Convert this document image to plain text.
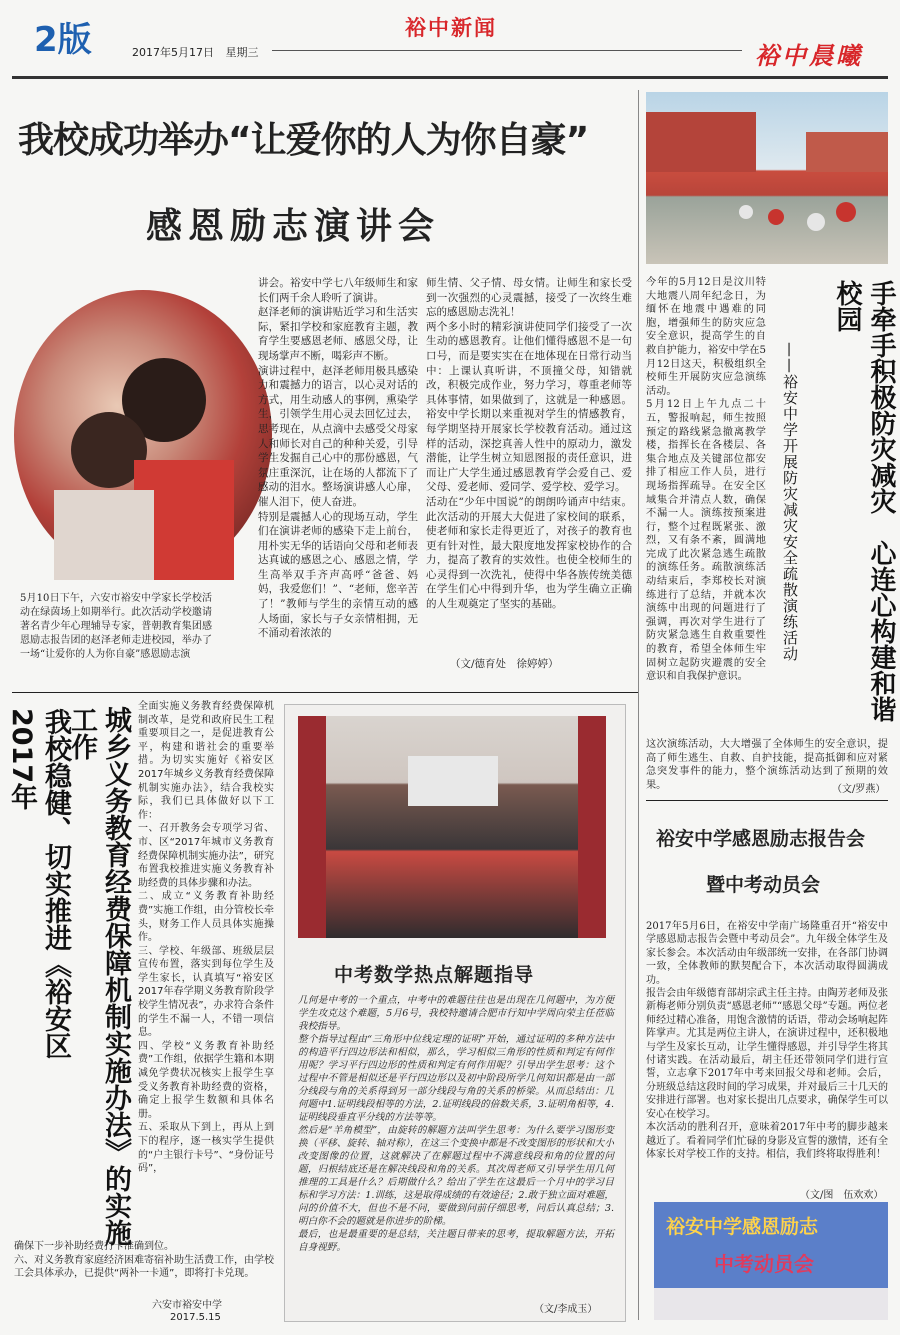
2版	2017年5月17日 星期三
裕中新闻
裕中晨曦
我校成功举办“让爱你的人为你自豪”
感恩励志演讲会
5月10日下午，六安市裕安中学家长学校活动在绿茵场上如期举行。此次活动学校邀请著名青少年心理辅导专家，普朝教育集团感恩励志报告团的赵泽老师走进校园，举办了一场“让爱你的人为你自豪”感恩励志演
讲会。裕安中学七八年级师生和家长们两千余人聆听了演讲。
赵泽老师的演讲贴近学习和生活实际，紧扣学校和家庭教育主题，教育学生要感恩老师、感恩父母，让现场掌声不断，喝彩声不断。
演讲过程中，赵泽老师用极具感染力和震撼力的语言，以心灵对话的方式，用生动感人的事例，熏染学生，引领学生用心灵去回忆过去，思考现在，从点滴中去感受父母家人和师长对自己的种种关爱，引导学生发掘自己心中的那份感恩，气氛庄重深沉，让在场的人都流下了感动的泪水。整场演讲感人心扉，催人泪下，使人奋进。
特别是震撼人心的现场互动，学生们在演讲老师的感染下走上前台，用朴实无华的话语向父母和老师表达真诚的感恩之心、感恩之情，学生高举双手齐声高呼“爸爸、妈妈，我爱您们！”、“老师，您辛苦了！”教师与学生的亲情互动的感人场面，家长与子女亲情相拥，无不涌动着浓浓的
师生情、父子情、母女情。让师生和家长受到一次强烈的心灵震撼，接受了一次终生难忘的感恩励志洗礼！
两个多小时的精彩演讲使同学们接受了一次生动的感恩教育。让他们懂得感恩不是一句口号，而是要实实在在地体现在日常行动当中：上课认真听讲，不顶撞父母，知错就改，积极完成作业，努力学习，尊重老师等具体事情，如果做到了，这就是一种感恩。裕安中学长期以来重视对学生的情感教育，每学期坚持开展家长学校教育活动。通过这样的活动，深挖真善人性中的原动力，激发潜能，让学生树立知恩图报的责任意识，进而让广大学生通过感恩教育学会爱自己、爱父母、爱老师、爱同学、爱学校、爱学习。
活动在“少年中国说”的朗朗吟诵声中结束。此次活动的开展大大促进了家校间的联系，使老师和家长走得更近了，对孩子的教育也更有针对性，最大限度地发挥家校协作的合力，提高了教育的实效性。也使全校师生的心灵得到一次洗礼，使得中华各族传统美德在学生们心中得到升华，也为学生确立正确的人生观奠定了坚实的基础。
（文/德育处　徐婷婷）
今年的5月12日是汶川特大地震八周年纪念日，为缅怀在地震中遇难的同胞，增强师生的防灾应急安全意识，提高学生的自救自护能力，裕安中学在5月12日这天，积极组织全校师生开展防灾应急演练活动。
5月12日上午九点二十五，警报响起，师生按照预定的路线紧急撤离教学楼，指挥长在各楼层、各集合地点及关键部位都安排了相应工作人员，进行现场指挥疏导。在安全区域集合并清点人数，确保不漏一人。演练按预案进行，整个过程既紧张、激烈，又有条不紊，圆满地完成了此次紧急逃生疏散的演练任务。疏散演练活动结束后，李郑校长对演练进行了总结，并就本次演练中出现的问题进行了强调，再次对学生进行了防灾紧急逃生自救重要性的教育，希望全体师生牢固树立起防灾避震的安全意识和自我保护意识。
——裕安中学开展防灾减灾安全疏散演练活动	手牵手积极防灾减灾　心连心构建和谐校园
这次演练活动，大大增强了全体师生的安全意识，提高了师生逃生、自救、自护技能，提高抵御和应对紧急突发事件的能力，整个演练活动达到了预期的效果。	（文/罗燕）
裕安中学感恩励志报告会
暨中考动员会
2017年5月6日，在裕安中学南广场隆重召开“裕安中学感恩励志报告会暨中考动员会”。九年级全体学生及家长参会。本次活动由年级部统一安排，在各部门协调一致，全体教师的默契配合下，本次活动取得圆满成功。
报告会由年级德育部胡宗武主任主持。由陶芳老师及张新梅老师分别负责“感恩老师”“感恩父母”专题。两位老师经过精心准备，用饱含激情的话语，带动会场响起阵阵掌声。尤其是两位主讲人，在演讲过程中，还积极地与学生及家长互动，让学生懂得感恩，并引导学生将其付诸实践。在活动最后，胡主任还带领同学们进行宣誓，立志拿下2017年中考来回报父母和老师。会后，分班级总结这段时间的学习成果，并对最后三十几天的安排进行部署。也对家长提出几点要求，确保学生可以安心在校学习。
本次活动的胜利召开，意味着2017年中考的脚步越来越近了。看着同学们忙碌的身影及宣誓的激情，还有全体家长对学校工作的支持。相信，我们终将取得胜利！
（文/图　伍欢欢）
裕安中学感恩励志
中考动员会
城乡义务教育经费保障机制实施办法》的实施工作
我校稳健、切实推进《裕安区2017年
全面实施义务教育经费保障机制改革，是党和政府民生工程重要项目之一，是促进教育公平，构建和谐社会的重要举措。为切实实施好《裕安区2017年城乡义务教育经费保障机制实施办法》，结合我校实际，我们已具体做好以下工作：
一、召开教务会专项学习省、市、区“2017年城市义务教育经费保障机制实施办法”，研究布置我校推进实施义务教育补助经费的具体步骤和办法。
二、成立“义务教育补助经费”实施工作组，由分管校长牵头，财务工作人员具体实施操作。
三、学校、年级部、班级层层宣传布置，落实到每位学生及学生家长，认真填写“裕安区2017年春学期义务教育阶段学校学生情况表”，办求符合条件的学生不漏一人，不错一项信息。
四、学校“义务教育补助经费”工作组，依据学生籍和本期减免学费状况核实上报学生享受义务教育补助经费的资格，确定上报学生数额和具体名册。
五、采取从下到上，再从上到下的程序，逐一核实学生提供的“户主银行卡号”、“身份证号码”，
确保下一步补助经费打卡准确到位。
六、对义务教育家庭经济困难寄宿补助生活费工作，由学校工会具体承办，已提供“两补一卡通”，即将打卡兑现。
六安市裕安中学
2017.5.15
中考数学热点解题指导
几何是中考的一个重点，中考中的难题往往也是出现在几何题中，为方便学生攻克这个难题，5月6号，我校特邀请合肥市行知中学周向荣主任莅临我校指导。
整个指导过程由“三角形中位线定理的证明”开始，通过证明的多种方法中的构造平行四边形法和相似，那么，学习相似三角形的性质和判定有何作用呢？学习平行四边形的性质和判定有何作用呢？引导出学生思考：这个过程中不管是相似还是平行四边形以及初中阶段所学几何知识都是由一部分线段与角的关系得到另一部分线段与角的关系的桥梁。从而总结出：几何题中1.证明线段相等的方法，2.证明线段的倍数关系，3.证明角相等，4.证明线段垂直平分线的方法等等。
然后是“羊角模型”，由旋转的解题方法叫学生思考：为什么要学习图形变换（平移、旋转、轴对称），在这三个变换中都是不改变图形的形状和大小改变图像的位置，这就解决了在解题过程中不满意线段和角的位置的问题，归根结底还是在解决线段和角的关系。其次周老师又引导学生用几何推理的工具是什么？后期做什么？给出了学生在这最后一个月中的学习目标和学习方法：1.训练，这是取得成绩的有效途径；2.敢于独立面对难题，问的价值不大，但也不是不问，要做到问前仔细思考，问后认真总结；3.明白你不会的题就是你进步的阶梯。
最后，也是最重要的是总结，关注题目带来的思考，提取解题方法，开拓自身视野。
（文/李成玉）
